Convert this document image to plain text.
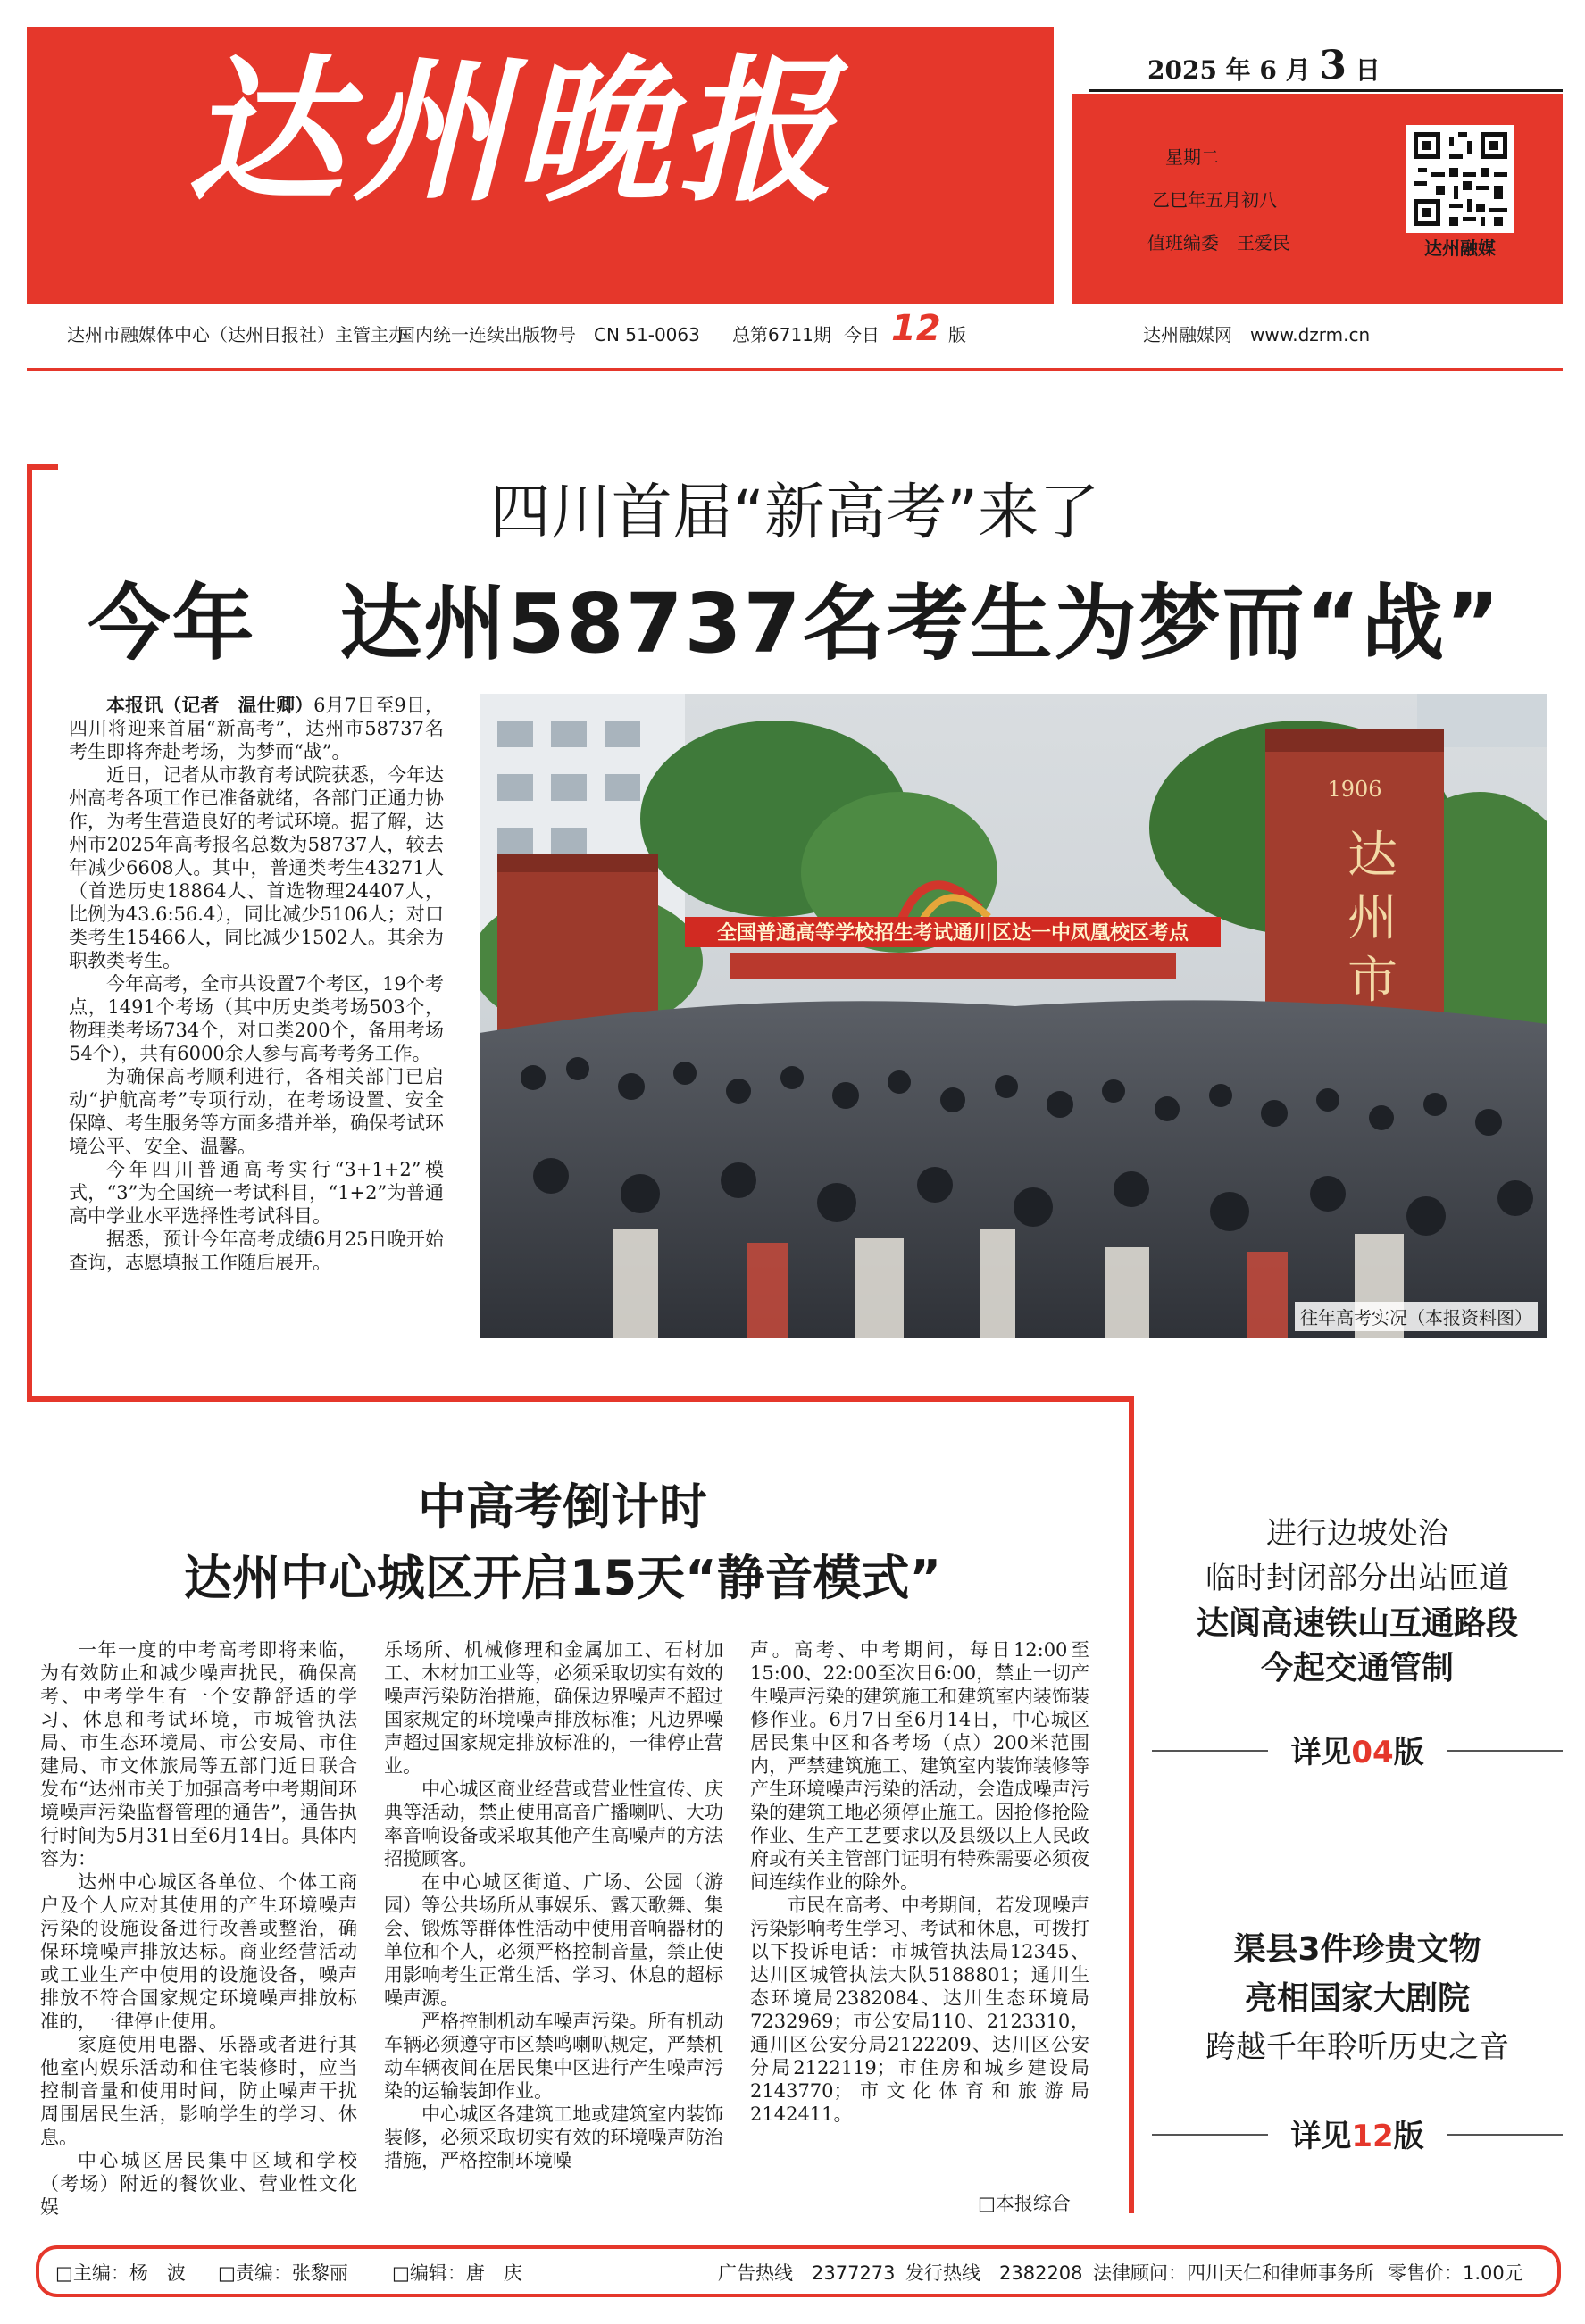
达州晚报	2025 年 6 月 3 日
星期二
乙巳年五月初八
值班编委　王爱民	达州融媒
达州市融媒体中心（达州日报社）主管主办
国内统一连续出版物号　CN 51-0063 总第6711期 今日 12 版	达州融媒网　www.dzrm.cn
四川首届“新高考”来了
今年　达州58737名考生为梦而“战”

本报讯（记者　温仕卿）6月7日至9日，四川将迎来首届“新高考”，达州市58737名考生即将奔赴考场，为梦而“战”。

近日，记者从市教育考试院获悉，今年达州高考各项工作已准备就绪，各部门正通力协作，为考生营造良好的考试环境。据了解，达州市2025年高考报名总数为58737人，较去年减少6608人。其中，普通类考生43271人（首选历史18864人、首选物理24407人，比例为43.6:56.4），同比减少5106人；对口类考生15466人，同比减少1502人。其余为职教类考生。

今年高考，全市共设置7个考区，19个考点，1491个考场（其中历史类考场503个，物理类考场734个，对口类200个，备用考场54个），共有6000余人参与高考考务工作。

为确保高考顺利进行，各相关部门已启动“护航高考”专项行动，在考场设置、安全保障、考生服务等方面多措并举，确保考试环境公平、安全、温馨。

今年四川普通高考实行“3+1+2”模式，“3”为全国统一考试科目，“1+2”为普通高中学业水平选择性考试科目。

据悉，预计今年高考成绩6月25日晚开始查询，志愿填报工作随后展开。

1906
达
州
市
全国普通高等学校招生考试通川区达一中凤凰校区考点
往年高考实况（本报资料图）
中高考倒计时
达州中心城区开启15天“静音模式”

一年一度的中考高考即将来临，为有效防止和减少噪声扰民，确保高考、中考学生有一个安静舒适的学习、休息和考试环境，市城管执法局、市生态环境局、市公安局、市住建局、市文体旅局等五部门近日联合发布“达州市关于加强高考中考期间环境噪声污染监督管理的通告”，通告执行时间为5月31日至6月14日。具体内容为：

达州中心城区各单位、个体工商户及个人应对其使用的产生环境噪声污染的设施设备进行改善或整治，确保环境噪声排放达标。商业经营活动或工业生产中使用的设施设备，噪声排放不符合国家规定环境噪声排放标准的，一律停止使用。

家庭使用电器、乐器或者进行其他室内娱乐活动和住宅装修时，应当控制音量和使用时间，防止噪声干扰周围居民生活，影响学生的学习、休息。

中心城区居民集中区域和学校（考场）附近的餐饮业、营业性文化娱

乐场所、机械修理和金属加工、石材加工、木材加工业等，必须采取切实有效的噪声污染防治措施，确保边界噪声不超过国家规定的环境噪声排放标准；凡边界噪声超过国家规定排放标准的，一律停止营业。

中心城区商业经营或营业性宣传、庆典等活动，禁止使用高音广播喇叭、大功率音响设备或采取其他产生高噪声的方法招揽顾客。

在中心城区街道、广场、公园（游园）等公共场所从事娱乐、露天歌舞、集会、锻炼等群体性活动中使用音响器材的单位和个人，必须严格控制音量，禁止使用影响考生正常生活、学习、休息的超标噪声源。

严格控制机动车噪声污染。所有机动车辆必须遵守市区禁鸣喇叭规定，严禁机动车辆夜间在居民集中区进行产生噪声污染的运输装卸作业。

中心城区各建筑工地或建筑室内装饰装修，必须采取切实有效的环境噪声防治措施，严格控制环境噪

声。高考、中考期间，每日12:00至15:00、22:00至次日6:00，禁止一切产生噪声污染的建筑施工和建筑室内装饰装修作业。6月7日至6月14日，中心城区居民集中区和各考场（点）200米范围内，严禁建筑施工、建筑室内装饰装修等产生环境噪声污染的活动，会造成噪声污染的建筑工地必须停止施工。因抢修抢险作业、生产工艺要求以及县级以上人民政府或有关主管部门证明有特殊需要必须夜间连续作业的除外。

市民在高考、中考期间，若发现噪声污染影响考生学习、考试和休息，可拨打以下投诉电话：市城管执法局12345、达川区城管执法大队5188801；通川生态环境局2382084、达川生态环境局7232969；市公安局110、2123310，通川区公安分局2122209、达川区公安分局2122119；市住房和城乡建设局2143770；市文化体育和旅游局2142411。

□本报综合
进行边坡处治
临时封闭部分出站匝道
达阆高速铁山互通路段
今起交通管制
详见04版
渠县3件珍贵文物
亮相国家大剧院
跨越千年聆听历史之音
详见12版
□主编：杨　波 □责编：张黎丽 □编辑：唐　庆	广告热线　2377273 发行热线　2382208 法律顾问：四川天仁和律师事务所 零售价：1.00元
